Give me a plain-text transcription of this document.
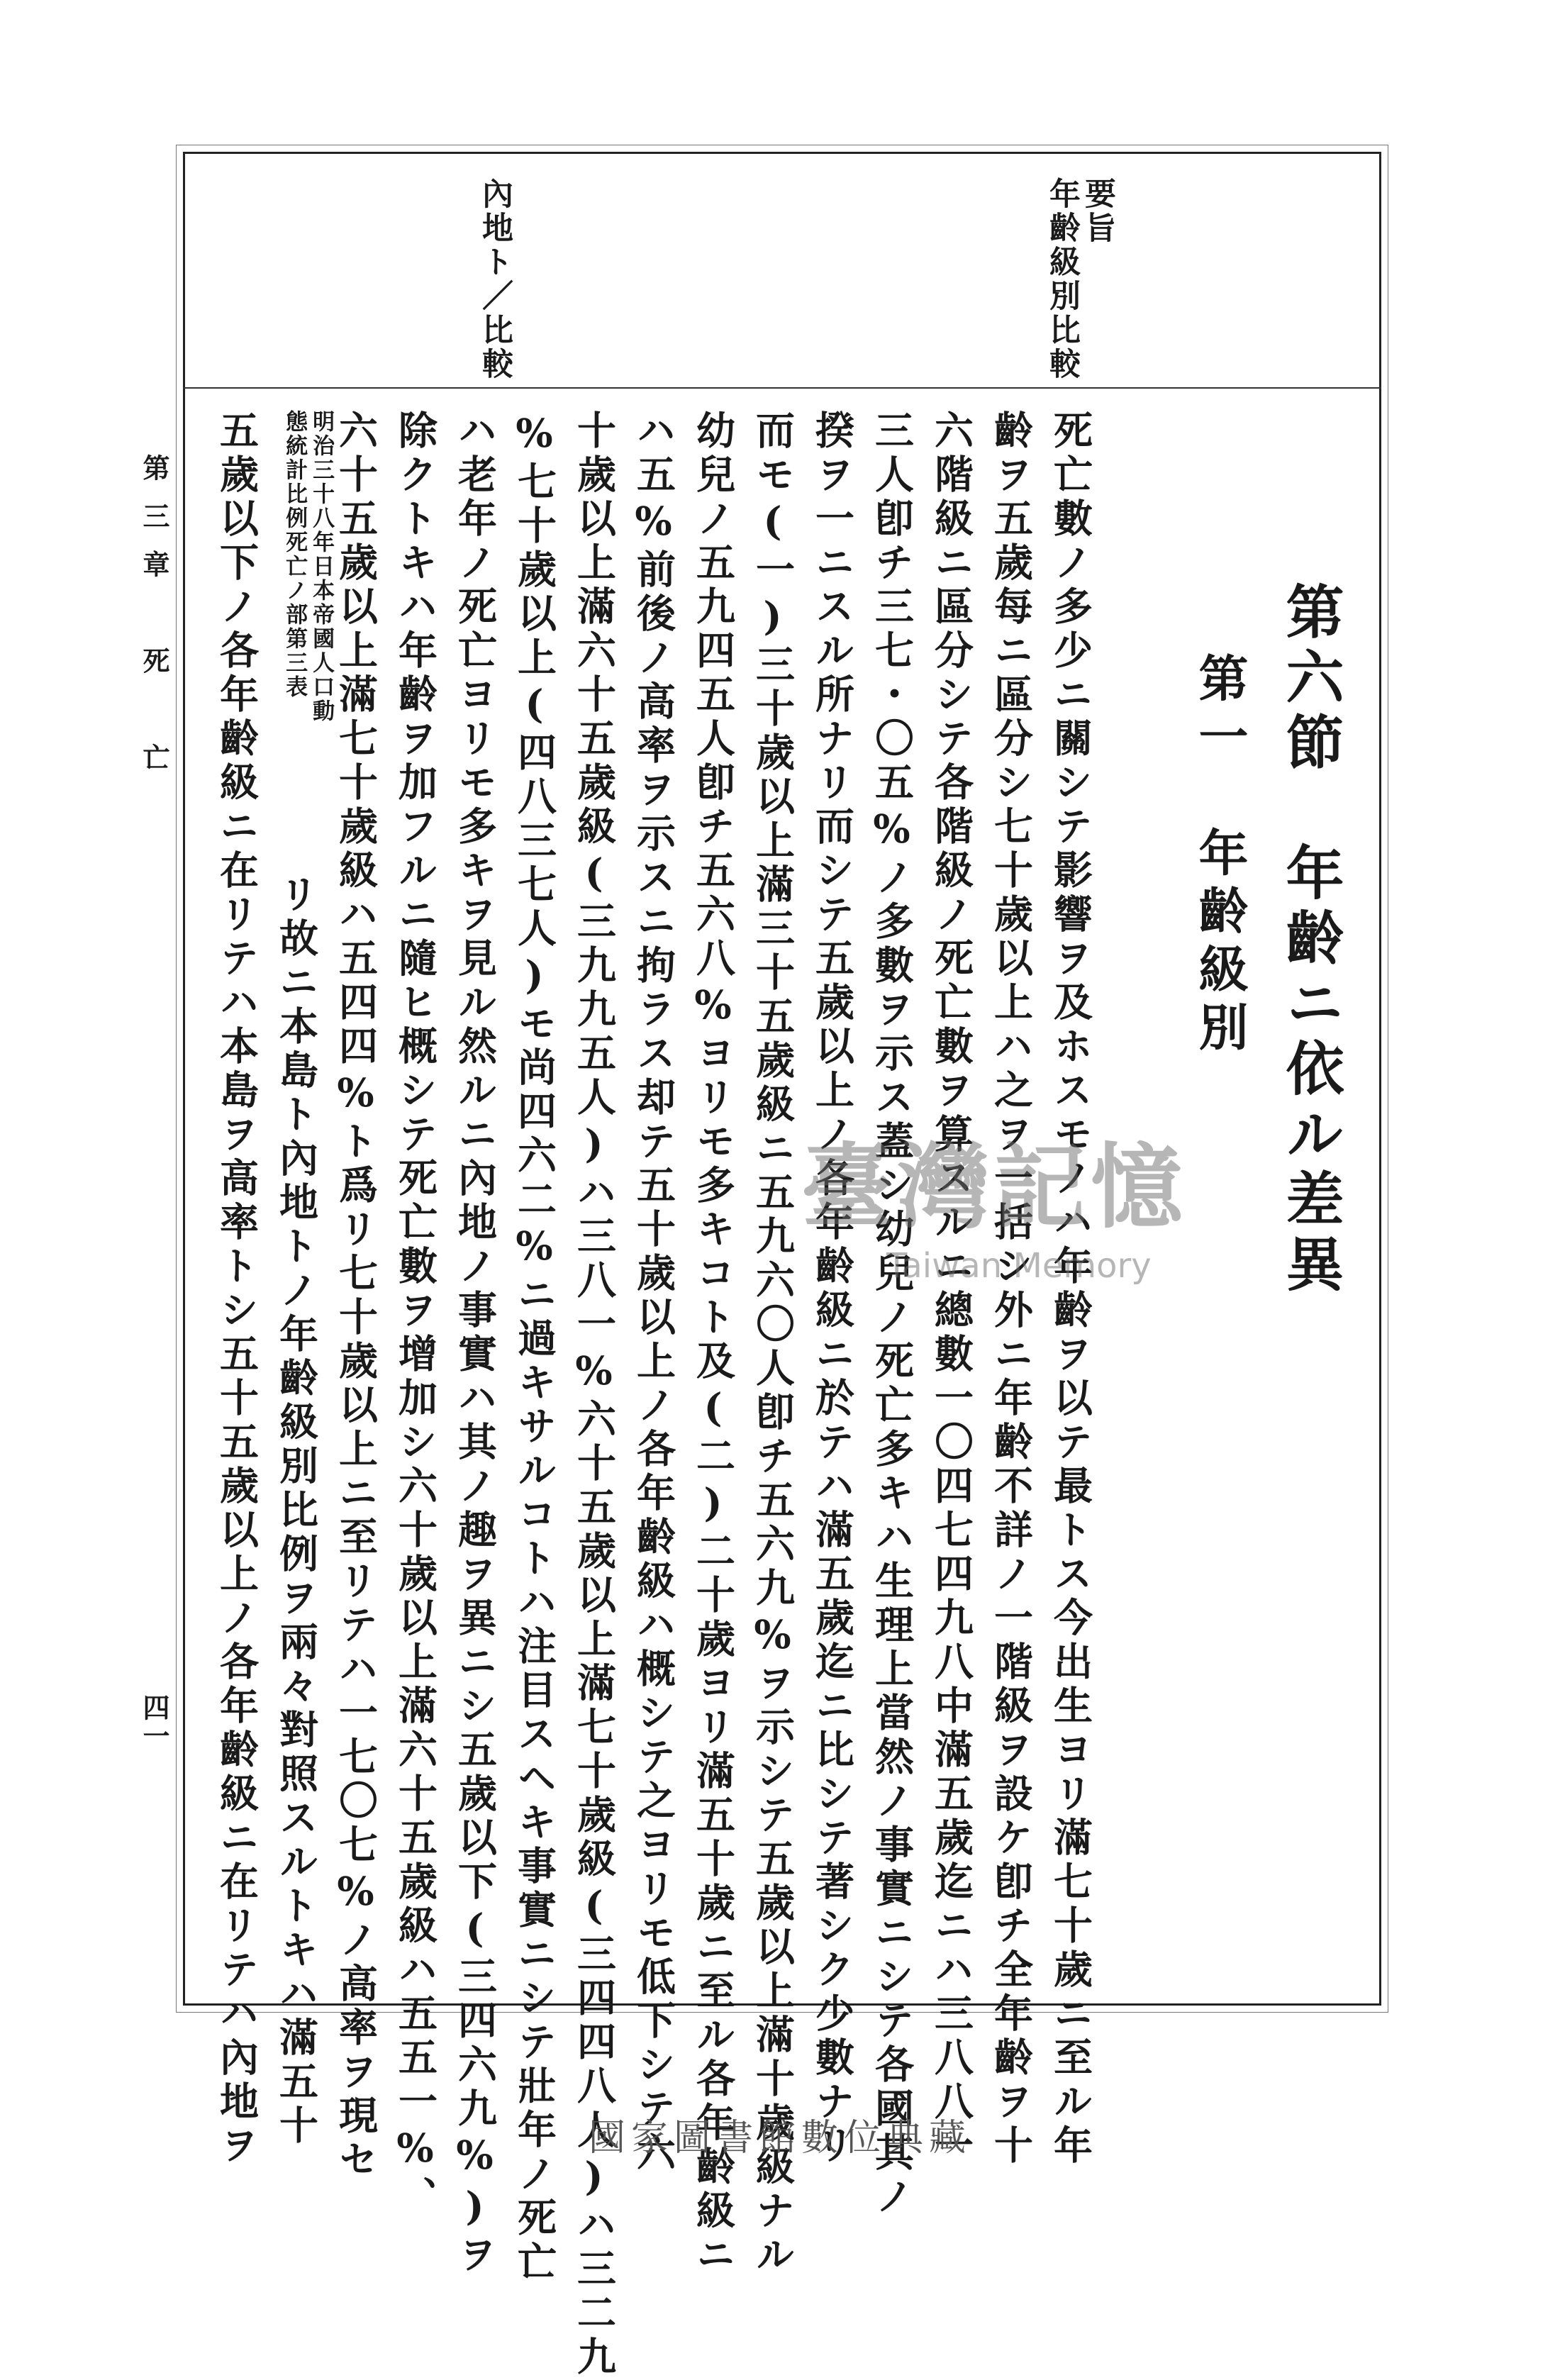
第三章　死　亡
四一
要旨
年齡級別比較
內地ト／比較
第六節　年齡ニ依ル差異
第一　年齡級別
死亡數ノ多少ニ關シテ影響ヲ及ホスモノハ年齡ヲ以テ最トス今出生ヨリ滿七十歲ニ至ル年
齡ヲ五歲每ニ區分シ七十歲以上ハ之ヲ一括シ外ニ年齡不詳ノ一階級ヲ設ケ卽チ全年齡ヲ十
六階級ニ區分シテ各階級ノ死亡數ヲ算スルニ總數一〇四七四九八中滿五歲迄ニハ三八八一
三人卽チ三七・〇五%ノ多數ヲ示ス蓋シ幼兒ノ死亡多キハ生理上當然ノ事實ニシテ各國其ノ
揆ヲ一ニスル所ナリ而シテ五歲以上ノ各年齡級ニ於テハ滿五歲迄ニ比シテ著シク少數ナリ
而モ(一)三十歲以上滿三十五歲級ニ五九六〇人卽チ五六九%ヲ示シテ五歲以上滿十歲級ナル
幼兒ノ五九四五人卽チ五六八%ヨリモ多キコト及(二)二十歲ヨリ滿五十歲ニ至ル各年齡級ニ
ハ五%前後ノ高率ヲ示スニ拘ラス却テ五十歲以上ノ各年齡級ハ概シテ之ヨリモ低下シテ六
十歲以上滿六十五歲級(三九九五人)ハ三八一%六十五歲以上滿七十歲級(三四四八人)ハ三二九
%七十歲以上(四八三七人)モ尚四六二%ニ過キサルコトハ注目スヘキ事實ニシテ壯年ノ死亡
ハ老年ノ死亡ヨリモ多キヲ見ル然ルニ內地ノ事實ハ其ノ趣ヲ異ニシ五歲以下(三四六九%)ヲ
除クトキハ年齡ヲ加フルニ隨ヒ概シテ死亡數ヲ增加シ六十歲以上滿六十五歲級ハ五五一%、
六十五歲以上滿七十歲級ハ五四四%ト爲リ七十歲以上ニ至リテハ一七〇七%ノ高率ヲ現セ
明治三十八年日本帝國人口動
態統計比例死亡ノ部第三表
リ故ニ本島ト內地トノ年齡級別比例ヲ兩々對照スルトキハ滿五十
五歲以下ノ各年齡級ニ在リテハ本島ヲ高率トシ五十五歲以上ノ各年齡級ニ在リテハ內地ヲ	臺灣記憶
Taiwan Memory
國家圖書館數位典藏
